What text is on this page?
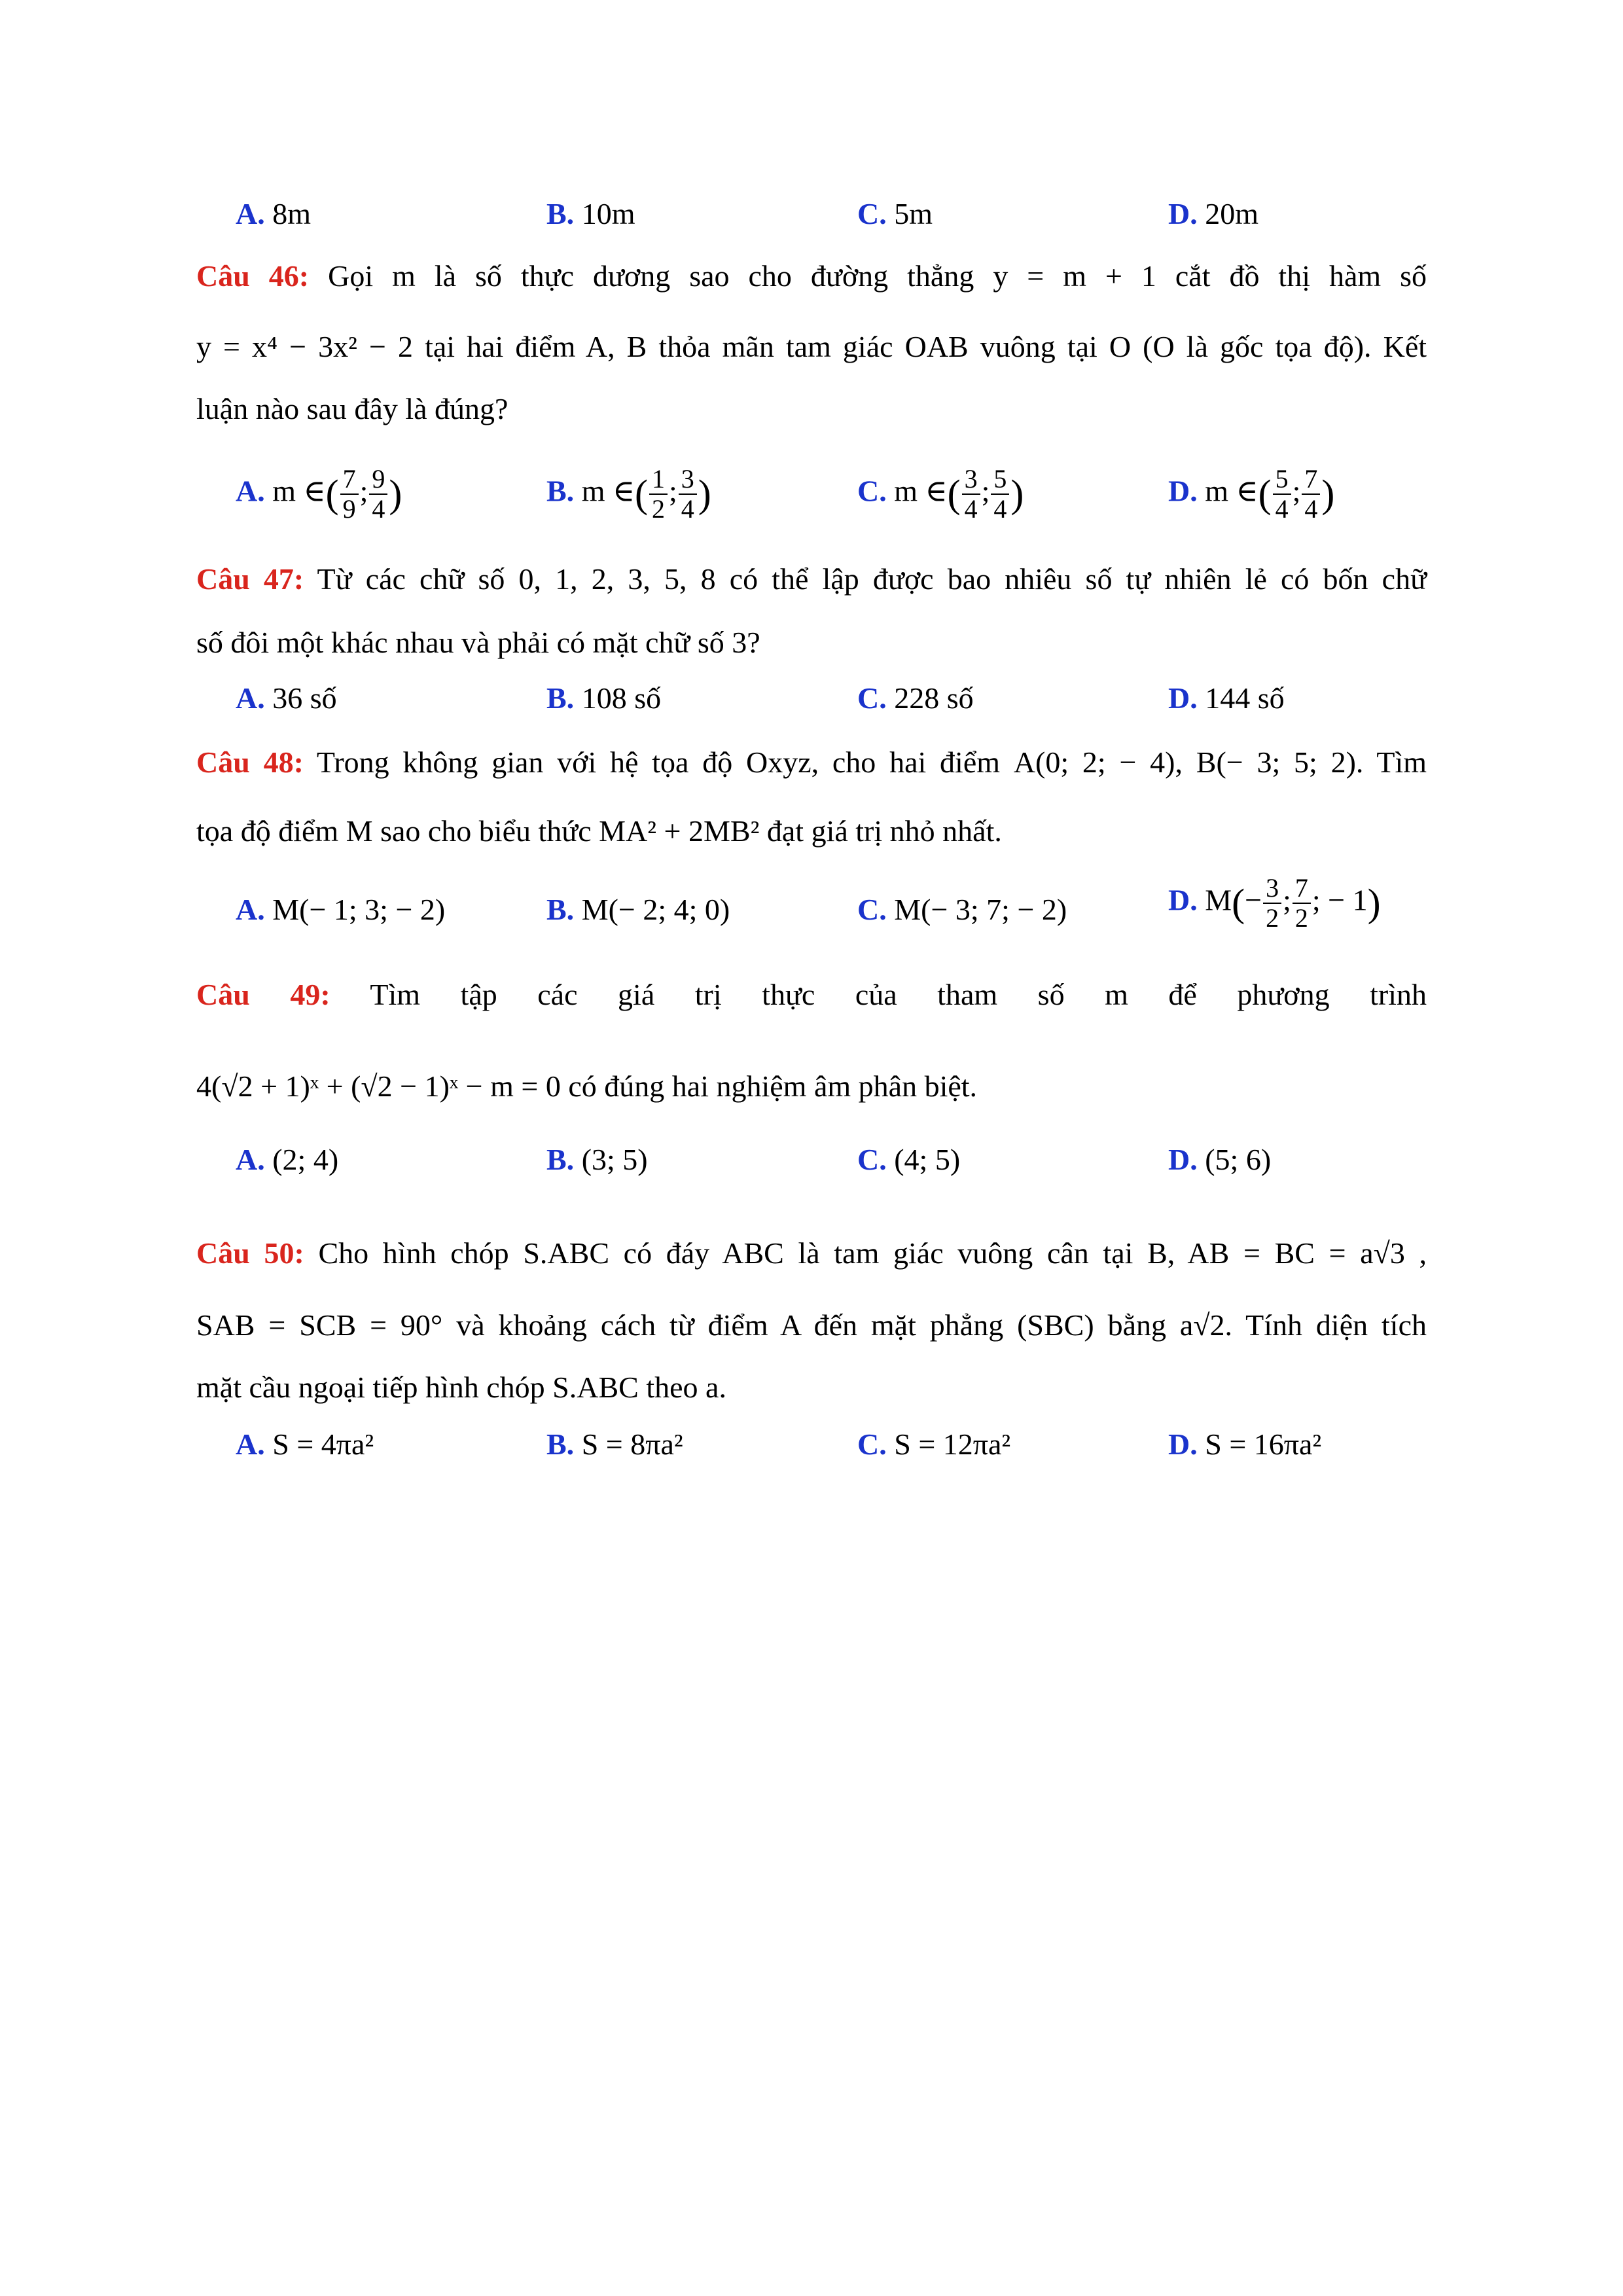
A. 8m	B. 10m	C. 5m	D. 20m
Câu 46: Gọi m là số thực dương sao cho đường thẳng y = m + 1 cắt đồ thị hàm số
y = x⁴ − 3x² − 2 tại hai điểm A, B thỏa mãn tam giác OAB vuông tại O (O là gốc tọa độ). Kết
luận nào sau đây là đúng?
A. m ∈( $\frac{7}{9}$ ; $\frac{9}{4}$ )	B. m ∈( $\frac{1}{2}$ ; $\frac{3}{4}$ )	C. m ∈( $\frac{3}{4}$ ; $\frac{5}{4}$ )	D. m ∈( $\frac{5}{4}$ ; $\frac{7}{4}$ )
Câu 47: Từ các chữ số 0, 1, 2, 3, 5, 8 có thể lập được bao nhiêu số tự nhiên lẻ có bốn chữ
số đôi một khác nhau và phải có mặt chữ số 3?
A. 36 số	B. 108 số	C. 228 số	D. 144 số
Câu 48: Trong không gian với hệ tọa độ Oxyz, cho hai điểm A(0; 2; − 4), B(− 3; 5; 2). Tìm
tọa độ điểm M sao cho biểu thức MA² + 2MB² đạt giá trị nhỏ nhất.
A. M(− 1; 3; − 2)	B. M(− 2; 4; 0)	C. M(− 3; 7; − 2)	D. $M(- \frac{3}{2}$ ; $\frac{7}{2}$ ; − 1)
Câu 49: Tìm tập các giá trị thực của tham số m để phương trình
4(√2 + 1)ˣ + (√2 − 1)ˣ − m = 0 có đúng hai nghiệm âm phân biệt.
A. (2; 4)	B. (3; 5)	C. (4; 5)	D. (5; 6)
Câu 50: Cho hình chóp S.ABC có đáy ABC là tam giác vuông cân tại B, AB = BC = a√3 ,
SAB = SCB = 90° và khoảng cách từ điểm A đến mặt phẳng (SBC) bằng a√2. Tính diện tích
mặt cầu ngoại tiếp hình chóp S.ABC theo a.
A. S = 4πa²	B. S = 8πa²	C. S = 12πa²	D. S = 16πa²
